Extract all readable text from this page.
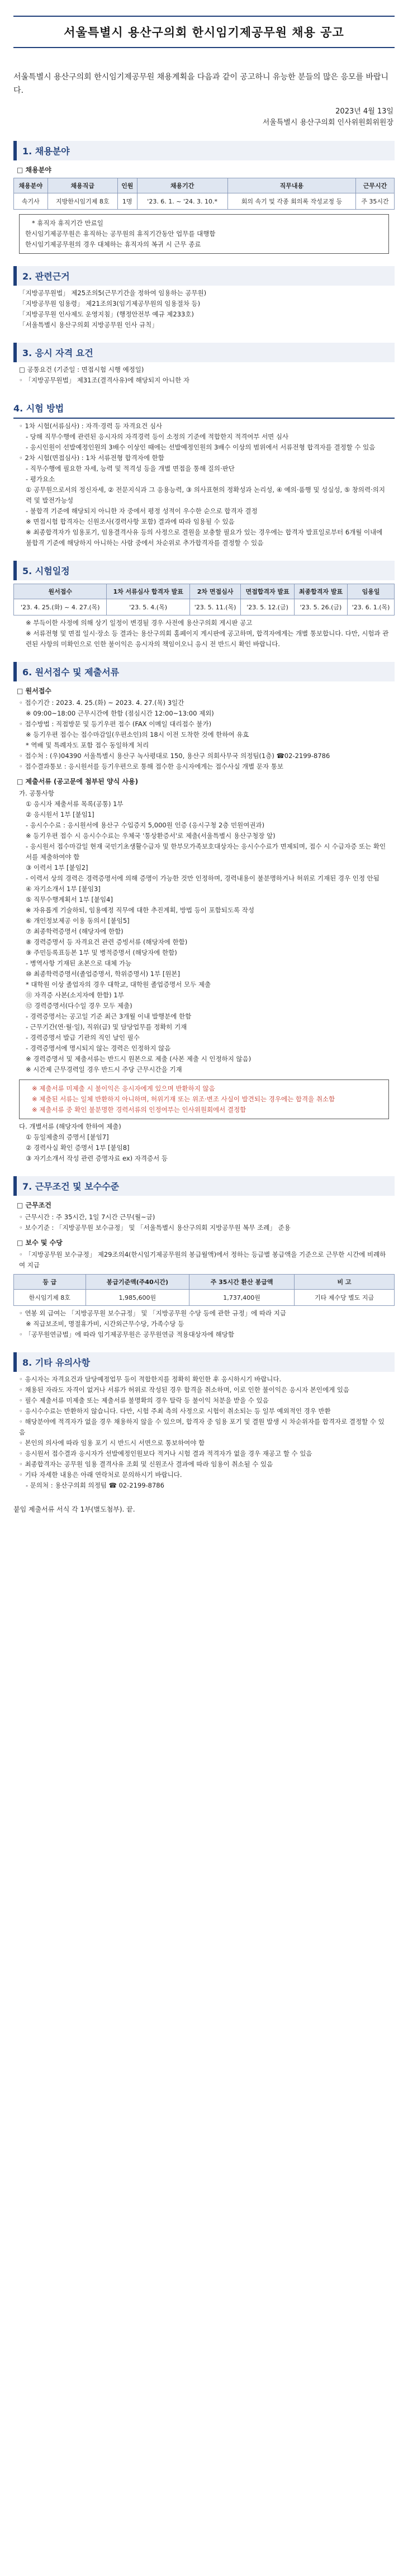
서울특별시 용산구의회 한시임기제공무원 채용 공고
서울특별시 용산구의회 한시임기제공무원 채용계획을 다음과 같이 공고하니 유능한 분들의 많은 응모를 바랍니다.
2023년 4월 13일
서울특별시 용산구의회 인사위원회위원장
1. 채용분야
□ 채용분야
채용분야	채용직급	인원	채용기간	직무내용	근무시간
속기사	지방한시임기제 8호	1명	'23. 6. 1. ~ '24. 3. 10.*	회의 속기 및 각종 회의록 작성교정 등	주 35시간

* 휴직자 휴직기간 만료일

한시임기제공무원은 휴직하는 공무원의 휴직기간동안 업무를 대행함

한시임기제공무원의 경우 대체하는 휴직자의 복귀 시 근무 종료

2. 관련근거

「지방공무원법」 제25조의5(근무기간을 정하여 임용하는 공무원)

「지방공무원 임용령」 제21조의3(임기제공무원의 임용절차 등)

「지방공무원 인사제도 운영지침」(행정안전부 예규 제233호)

「서울특별시 용산구의회 지방공무원 인사 규칙」

3. 응시 자격 요건

□ 공통요건 (기준일 : 면접시험 시행 예정일)

◦ 「지방공무원법」 제31조(결격사유)에 해당되지 아니한 자

4. 시험 방법

◦ 1차 시험(서류심사) : 자격·경력 등 자격요건 심사

- 당해 직무수행에 관련된 응시자의 자격경력 등이 소정의 기준에 적합한지 적격여부 서면 심사

- 응시인원이 선발예정인원의 3배수 이상인 때에는 선발예정인원의 3배수 이상의 범위에서 서류전형 합격자를 결정할 수 있음

◦ 2차 시험(면접심사) : 1차 서류전형 합격자에 한함

- 직무수행에 필요한 자세, 능력 및 적격성 등을 개별 면접을 통해 질의·판단

- 평가요소

① 공무원으로서의 정신자세, ② 전문지식과 그 응용능력, ③ 의사표현의 정확성과 논리성, ④ 예의·품행 및 성실성, ⑤ 창의력·의지력 및 발전가능성

- 불합격 기준에 해당되지 아니한 자 중에서 평정 성적이 우수한 순으로 합격자 결정

※ 면접시험 합격자는 신원조사(경력사항 포함) 결과에 따라 임용될 수 있음

※ 최종합격자가 임용포기, 임용결격사유 등의 사정으로 결원을 보충할 필요가 있는 경우에는 합격자 발표일로부터 6개월 이내에 불합격 기준에 해당하지 아니하는 사람 중에서 차순위로 추가합격자를 결정할 수 있음

5. 시험일정
원서접수	1차 서류심사 합격자 발표	2차 면접심사	면접합격자 발표	최종합격자 발표	임용일
'23. 4. 25.(화) ~ 4. 27.(목)	'23. 5. 4.(목)	'23. 5. 11.(목)	'23. 5. 12.(금)	'23. 5. 26.(금)	'23. 6. 1.(목)

※ 부득이한 사정에 의해 상기 일정이 변경될 경우 사전에 용산구의회 게시판 공고

※ 서류전형 및 면접 일시·장소 등 결과는 용산구의회 홈페이지 게시판에 공고하며, 합격자에게는 개별 통보합니다. 다만, 시험과 관련된 사항의 미확인으로 인한 불이익은 응시자의 책임이오니 응시 전 반드시 확인 바랍니다.

6. 원서접수 및 제출서류
□ 원서접수

◦ 접수기간 : 2023. 4. 25.(화) ~ 2023. 4. 27.(목) 3일간

※ 09:00~18:00 근무시간에 한함 (점심시간 12:00~13:00 제외)

◦ 접수방법 : 직접방문 및 등기우편 접수 (FAX 이메일 대리접수 불가)

※ 등기우편 접수는 접수마감일(우편소인)의 18시 이전 도착한 것에 한하여 유효

* 역배 및 특례자도 포함 접수 동일하게 처리

◦ 접수처 : (우)04390 서울특별시 용산구 녹사평대로 150, 용산구 의회사무국 의정팀(1층) ☎02-2199-8786

◦ 접수결과통보 : 응시원서를 등기우편으로 통해 접수한 응시자에게는 접수사실 개별 문자 통보

□ 제출서류 (공고문에 첨부된 양식 사용)

가. 공통사항

① 응시자 제출서류 목록(공통) 1부

② 응시원서 1부 [붙임1]

- 응시수수료 : 응시원서에 용산구 수입증지 5,000원 인증 (응시구청 2층 민원여권과)

※ 등기우편 접수 시 응시수수료는 우체국 '통상환증서'로 제출(서울특별시 용산구청장 앞)

- 응시원서 접수마감일 현재 국민기초생활수급자 및 한부모가족보호대상자는 응시수수료가 면제되며, 접수 시 수급자증 또는 확인서를 제출하여야 함

③ 이력서 1부 [붙임2]

- 이력서 상의 경력은 경력증명서에 의해 증명이 가능한 것만 인정하며, 경력내용이 불분명하거나 허위로 기재된 경우 인정 안됨

④ 자기소개서 1부 [붙임3]

⑤ 직무수행계획서 1부 [붙임4]

※ 자유롭게 기술하되, 임용예정 직무에 대한 추진계획, 방법 등이 포함되도록 작성

⑥ 개인정보제공 이용 동의서 [붙임5]

⑦ 최종학력증명서 (해당자에 한함)

⑧ 경력증명서 등 자격요건 관련 증빙서류 (해당자에 한함)

⑨ 주민등록표등본 1부 및 병적증명서 (해당자에 한함)

- 병역사항 기재된 초본으로 대체 가능

⑩ 최종학력증명서(졸업증명서, 학위증명서) 1부 [원본]

* 대학원 이상 졸업자의 경우 대학교, 대학원 졸업증명서 모두 제출

⑪ 자격증 사본(소지자에 한함) 1부

⑫ 경력증명서(다수일 경우 모두 제출)

- 경력증명서는 공고일 기준 최근 3개월 이내 발행분에 한함

- 근무기간(연·월·일), 직위(급) 및 담당업무를 정확히 기재

- 경력증명서 발급 기관의 직인 날인 필수

- 경력증명서에 명시되지 않는 경력은 인정하지 않음

※ 경력증명서 및 제출서류는 반드시 원본으로 제출 (사본 제출 시 인정하지 않음)

※ 시간제 근무경력일 경우 반드시 주당 근무시간을 기재

※ 제출서류 미제출 시 불이익은 응시자에게 있으며 반환하지 않음

※ 제출된 서류는 일체 반환하지 아니하며, 허위기재 또는 위조·변조 사실이 발견되는 경우에는 합격을 취소함

※ 제출서류 중 확인 불분명한 경력서류의 인정여부는 인사위원회에서 결정함

다. 개별서류 (해당자에 한하여 제출)

① 등일제출의 증명서 [붙임7]

② 경력사실 확인 증명서 1부 [붙임8]

③ 자기소개서 작성 관련 증명자료 ex) 자격증서 등

7. 근무조건 및 보수수준
□ 근무조건

◦ 근무시간 : 주 35시간, 1일 7시간 근무(월~금)

◦ 보수기준 : 「지방공무원 보수규정」 및 「서울특별시 용산구의회 지방공무원 복무 조례」 준용

□ 보수 및 수당
◦ 「지방공무원 보수규정」 제29조의4(한시임기제공무원의 봉급월액)에서 정하는 등급별 봉급액을 기준으로 근무한 시간에 비례하여 지급
등 급	봉급기준액(주40시간)	주 35시간 환산 봉급액	비 고
한시임기제 8호	1,985,600원	1,737,400원	기타 제수당 별도 지급

◦ 연봉 외 급여는 「지방공무원 보수규정」 및 「지방공무원 수당 등에 관한 규정」에 따라 지급

※ 직급보조비, 명절휴가비, 시간외근무수당, 가족수당 등

◦ 「공무원연금법」에 따라 임기제공무원은 공무원연금 적용대상자에 해당함

8. 기타 유의사항

◦ 응시자는 자격요건과 담당예정업무 등이 적합한지를 정확히 확인한 후 응시하시기 바랍니다.

◦ 채용된 자라도 자격이 없거나 서류가 허위로 작성된 경우 합격을 취소하며, 이로 인한 불이익은 응시자 본인에게 있음

◦ 필수 제출서류 미제출 또는 제출서류 불명확의 경우 탈락 등 불이익 처분을 받을 수 있음

◦ 응시수수료는 반환하지 않습니다. 다만, 시험 주최 측의 사정으로 시험이 취소되는 등 일부 예외적인 경우 반환

◦ 해당분야에 적격자가 없을 경우 채용하지 않을 수 있으며, 합격자 중 임용 포기 및 결원 발생 시 차순위자를 합격자로 결정할 수 있음

◦ 본인의 의사에 따라 임용 포기 시 반드시 서면으로 통보하여야 함

◦ 응시원서 접수결과 응시자가 선발예정인원보다 적거나 시험 결과 적격자가 없을 경우 재공고 할 수 있음

◦ 최종합격자는 공무원 임용 결격사유 조회 및 신원조사 결과에 따라 임용이 취소될 수 있음

◦ 기타 자세한 내용은 아래 연락처로 문의하시기 바랍니다.

- 문의처 : 용산구의회 의정팀 ☎ 02-2199-8786

붙임 제출서류 서식 각 1부(별도첨부). 끝.
